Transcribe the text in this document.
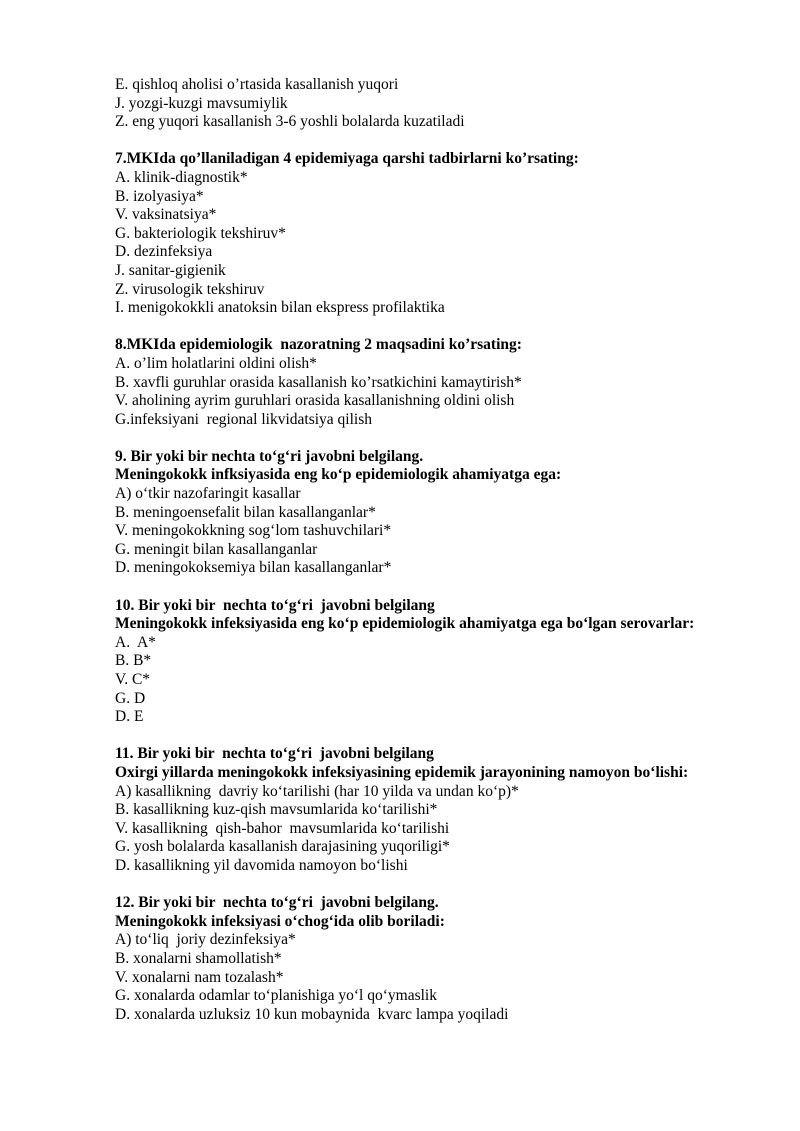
E. qishloq aholisi o’rtasida kasallanish yuqori
J. yozgi-kuzgi mavsumiylik
Z. eng yuqori kasallanish 3-6 yoshli bolalarda kuzatiladi
7.MKIda qo’llaniladigan 4 epidemiyaga qarshi tadbirlarni ko’rsating:
A. klinik-diagnostik*
B. izolyasiya*
V. vaksinatsiya*
G. bakteriologik tekshiruv*
D. dezinfeksiya
J. sanitar-gigienik
Z. virusologik tekshiruv
I. menigokokkli anatoksin bilan ekspress profilaktika
8.MKIda epidemiologik  nazoratning 2 maqsadini ko’rsating:
A. o’lim holatlarini oldini olish*
B. xavfli guruhlar orasida kasallanish ko’rsatkichini kamaytirish*
V. aholining ayrim guruhlari orasida kasallanishning oldini olish
G.infeksiyani  regional likvidatsiya qilish
9. Bir yoki bir nechta to‘g‘ri javobni belgilang.
Meningokokk infksiyasida eng ko‘p epidemiologik ahamiyatga ega:
A) o‘tkir nazofaringit kasallar
B. meningoensefalit bilan kasallanganlar*
V. meningokokkning sog‘lom tashuvchilari*
G. meningit bilan kasallanganlar
D. meningokoksemiya bilan kasallanganlar*
10. Bir yoki bir  nechta to‘g‘ri  javobni belgilang
Meningokokk infeksiyasida eng ko‘p epidemiologik ahamiyatga ega bo‘lgan serovarlar:
A.  A*
B. B*
V. C*
G. D
D. E
11. Bir yoki bir  nechta to‘g‘ri  javobni belgilang
Oxirgi yillarda meningokokk infeksiyasining epidemik jarayonining namoyon bo‘lishi:
A) kasallikning  davriy ko‘tarilishi (har 10 yilda va undan ko‘p)*
B. kasallikning kuz-qish mavsumlarida ko‘tarilishi*
V. kasallikning  qish-bahor  mavsumlarida ko‘tarilishi
G. yosh bolalarda kasallanish darajasining yuqoriligi*
D. kasallikning yil davomida namoyon bo‘lishi
12. Bir yoki bir  nechta to‘g‘ri  javobni belgilang.
Meningokokk infeksiyasi o‘chog‘ida olib boriladi:
A) to‘liq  joriy dezinfeksiya*
B. xonalarni shamollatish*
V. xonalarni nam tozalash*
G. xonalarda odamlar to‘planishiga yo‘l qo‘ymaslik
D. xonalarda uzluksiz 10 kun mobaynida  kvarc lampa yoqiladi
